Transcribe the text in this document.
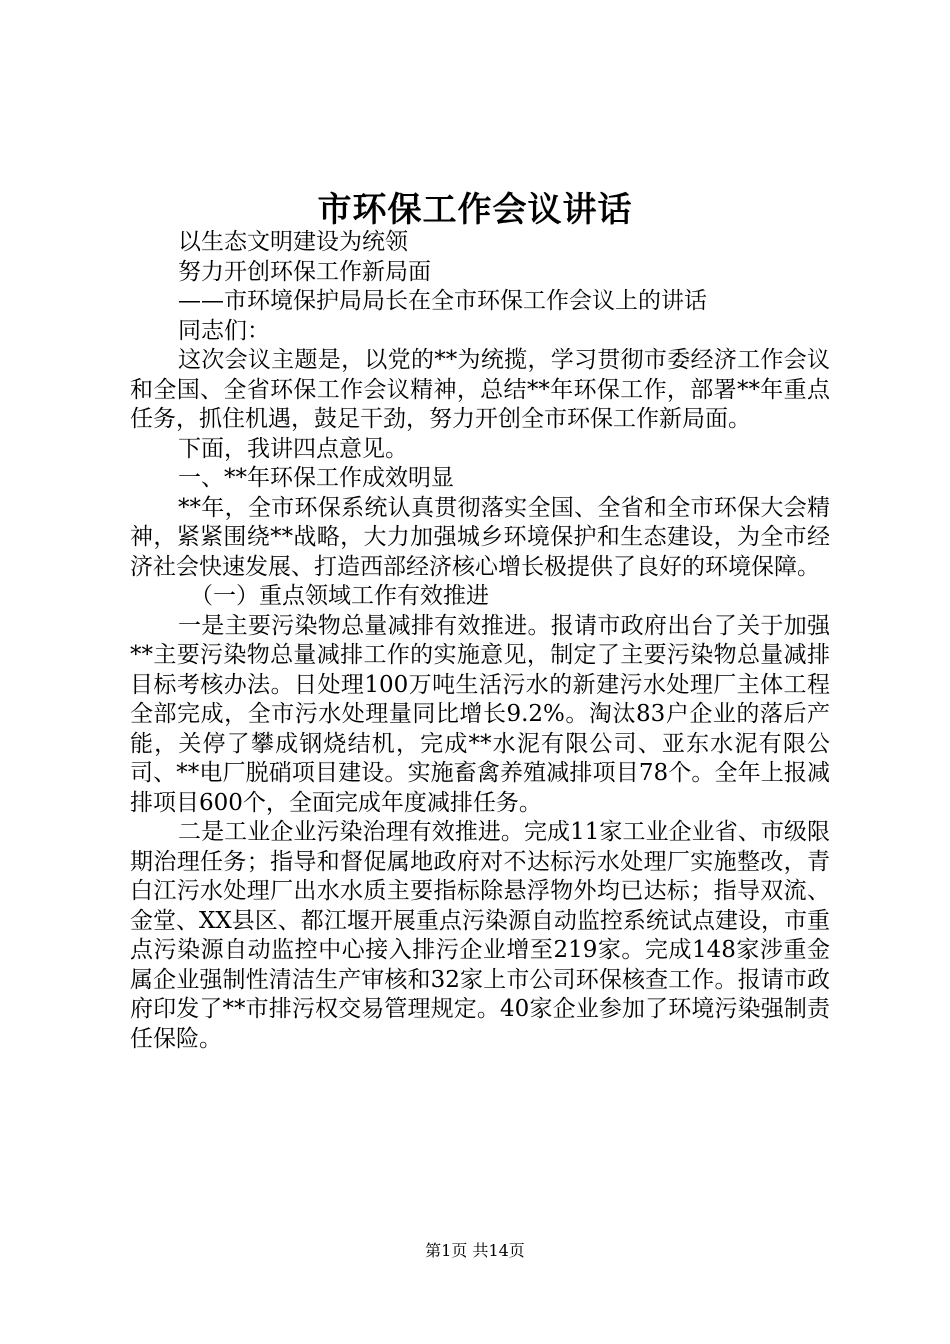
市环保工作会议讲话

以生态文明建设为统领

努力开创环保工作新局面

——市环境保护局局长在全市环保工作会议上的讲话

同志们：

这次会议主题是，以党的**为统揽，学习贯彻市委经济工作会议和全国、全省环保工作会议精神，总结**年环保工作，部署**年重点任务，抓住机遇，鼓足干劲，努力开创全市环保工作新局面。

下面，我讲四点意见。

一、**年环保工作成效明显

**年，全市环保系统认真贯彻落实全国、全省和全市环保大会精神，紧紧围绕**战略，大力加强城乡环境保护和生态建设，为全市经济社会快速发展、打造西部经济核心增长极提供了良好的环境保障。

（一）重点领域工作有效推进

一是主要污染物总量减排有效推进。报请市政府出台了关于加强**主要污染物总量减排工作的实施意见，制定了主要污染物总量减排目标考核办法。日处理100万吨生活污水的新建污水处理厂主体工程全部完成，全市污水处理量同比增长9.2%。淘汰83户企业的落后产能，关停了攀成钢烧结机，完成**水泥有限公司、亚东水泥有限公司、**电厂脱硝项目建设。实施畜禽养殖减排项目78个。全年上报减排项目600个，全面完成年度减排任务。

二是工业企业污染治理有效推进。完成11家工业企业省、市级限期治理任务；指导和督促属地政府对不达标污水处理厂实施整改，青白江污水处理厂出水水质主要指标除悬浮物外均已达标；指导双流、金堂、XX县区、都江堰开展重点污染源自动监控系统试点建设，市重点污染源自动监控中心接入排污企业增至219家。完成148家涉重金属企业强制性清洁生产审核和32家上市公司环保核查工作。报请市政府印发了**市排污权交易管理规定。40家企业参加了环境污染强制责任保险。

第1页 共14页
